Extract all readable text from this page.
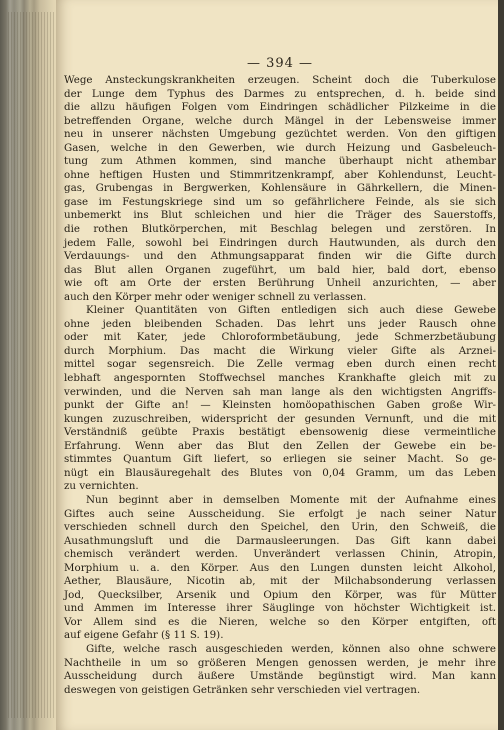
— 394 —
Wege Ansteckungskrankheiten erzeugen. Scheint doch die Tuberkulose
der Lunge dem Typhus des Darmes zu entsprechen, d. h. beide sind
die allzu häufigen Folgen vom Eindringen schädlicher Pilzkeime in die
betreffenden Organe, welche durch Mängel in der Lebensweise immer
neu in unserer nächsten Umgebung gezüchtet werden. Von den giftigen
Gasen, welche in den Gewerben, wie durch Heizung und Gasbeleuch-
tung zum Athmen kommen, sind manche überhaupt nicht athembar
ohne heftigen Husten und Stimmritzenkrampf, aber Kohlendunst, Leucht-
gas, Grubengas in Bergwerken, Kohlensäure in Gährkellern, die Minen-
gase im Festungskriege sind um so gefährlichere Feinde, als sie sich
unbemerkt ins Blut schleichen und hier die Träger des Sauerstoffs,
die rothen Blutkörperchen, mit Beschlag belegen und zerstören. In
jedem Falle, sowohl bei Eindringen durch Hautwunden, als durch den
Verdauungs- und den Athmungsapparat finden wir die Gifte durch
das Blut allen Organen zugeführt, um bald hier, bald dort, ebenso
wie oft am Orte der ersten Berührung Unheil anzurichten, — aber
auch den Körper mehr oder weniger schnell zu verlassen.
Kleiner Quantitäten von Giften entledigen sich auch diese Gewebe
ohne jeden bleibenden Schaden. Das lehrt uns jeder Rausch ohne
oder mit Kater, jede Chloroformbetäubung, jede Schmerzbetäubung
durch Morphium. Das macht die Wirkung vieler Gifte als Arznei-
mittel sogar segensreich. Die Zelle vermag eben durch einen recht
lebhaft angespornten Stoffwechsel manches Krankhafte gleich mit zu
verwinden, und die Nerven sah man lange als den wichtigsten Angriffs-
punkt der Gifte an! — Kleinsten homöopathischen Gaben große Wir-
kungen zuzuschreiben, widerspricht der gesunden Vernunft, und die mit
Verständniß geübte Praxis bestätigt ebensowenig diese vermeintliche
Erfahrung. Wenn aber das Blut den Zellen der Gewebe ein be-
stimmtes Quantum Gift liefert, so erliegen sie seiner Macht. So ge-
nügt ein Blausäuregehalt des Blutes von 0,04 Gramm, um das Leben
zu vernichten.
Nun beginnt aber in demselben Momente mit der Aufnahme eines
Giftes auch seine Ausscheidung. Sie erfolgt je nach seiner Natur
verschieden schnell durch den Speichel, den Urin, den Schweiß, die
Ausathmungsluft und die Darmausleerungen. Das Gift kann dabei
chemisch verändert werden. Unverändert verlassen Chinin, Atropin,
Morphium u. a. den Körper. Aus den Lungen dunsten leicht Alkohol,
Aether, Blausäure, Nicotin ab, mit der Milchabsonderung verlassen
Jod, Quecksilber, Arsenik und Opium den Körper, was für Mütter
und Ammen im Interesse ihrer Säuglinge von höchster Wichtigkeit ist.
Vor Allem sind es die Nieren, welche so den Körper entgiften, oft
auf eigene Gefahr (§ 11 S. 19).
Gifte, welche rasch ausgeschieden werden, können also ohne schwere
Nachtheile in um so größeren Mengen genossen werden, je mehr ihre
Ausscheidung durch äußere Umstände begünstigt wird. Man kann
deswegen von geistigen Getränken sehr verschieden viel vertragen.
